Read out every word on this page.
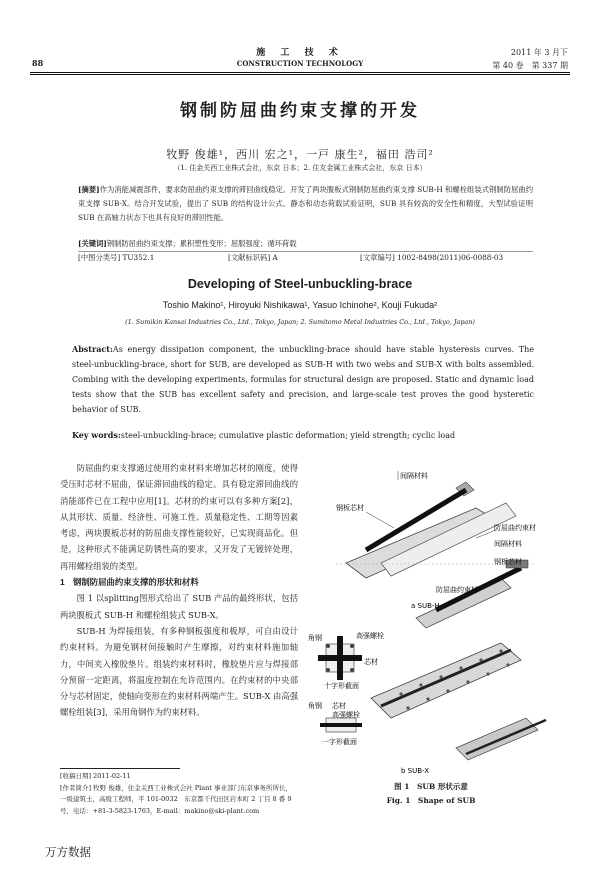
88
施 工 技 术
CONSTRUCTION TECHNOLOGY
2011 年 3 月下
第 40 卷　第 337 期
钢制防屈曲约束支撑的开发
牧野 俊雄¹，西川 宏之¹，一戸 康生²，福田 浩司²
（1. 住金关西工业株式会社，东京 日本；2. 住友金属工业株式会社，东京 日本）
[摘要]作为消能减震部件，要求防屈曲约束支撑的滞回曲线稳定。开发了两块腹板式钢制防屈曲约束支撑 SUB-H 和螺栓组装式钢制防屈曲约束支撑 SUB-X。结合开发试验，提出了 SUB 的结构设计公式。静态和动态荷载试验证明，SUB 具有较高的安全性和精度，大型试验证明 SUB 在高轴力状态下也具有良好的滞回性能。
[关键词]钢制防屈曲约束支撑；累积塑性变形；屈服强度；循环荷载
[中图分类号] TU352.1	[文献标识码] A	[文章编号] 1002-8498(2011)06-0088-03
Developing of Steel-unbuckling-brace
Toshio Makino¹, Hiroyuki Nishikawa¹, Yasuo Ichinohe², Kouji Fukuda²
(1. Sumikin Kansai Industries Co., Ltd., Tokyo, Japan; 2. Sumitomo Metal Industries Co., Ltd., Tokyo, Japan)
Abstract:As energy dissipation component, the unbuckling-brace should have stable hysteresis curves. The steel-unbuckling-brace, short for SUB, are developed as SUB-H with two webs and SUB-X with bolts assembled. Combing with the developing experiments, formulas for structural design are proposed. Static and dynamic load tests show that the SUB has excellent safety and precision, and large-scale test proves the good hysteretic behavior of SUB.
Key words:steel-unbuckling-brace; cumulative plastic deformation; yield strength; cyclic load

防屈曲约束支撑通过使用约束材料来增加芯材的刚度，使得受压时芯材不屈曲，保证滞回曲线的稳定。具有稳定滞回曲线的消能部件已在工程中应用[1]。芯材的约束可以有多种方案[2]，从其形状、质量、经济性、可施工性、质量稳定性、工期等因素考虑，两块腹板芯材的防屈曲支撑性能较好，已实现商品化。但是，这种形式不能满足防锈性高的要求，又开发了无镀锌处理，再用螺栓组装的类型。

1　钢制防屈曲约束支撑的形状和材料

图 1 以splitting图形式给出了 SUB 产品的最终形状，包括两块腹板式 SUB-H 和螺栓组装式 SUB-X。

SUB-H 为焊接组装，有多种钢板强度和板厚，可自由设计约束材料。为避免钢材间接触时产生摩擦，对约束材料施加轴力，中间夹入橡胶垫片。组装约束材料时，橡胶垫片应与焊接部分预留一定距离，将温度控制在允许范围内。在约束材的中央部分与芯材固定，使轴向变形在约束材料两端产生。SUB-X 由高强螺栓组装[3]，采用角钢作为约束材料。

[收稿日期] 2011-02-11
[作者简介] 牧野 俊雄，住金关西工业株式会社 Plant 事业部门东京事务所所长，一级建筑士，高级工程师，平 101-0032　东京都千代田区岩本町 2 丁目 8 番 9 号，电话：+81-3-5823-1763，E-mail：makino@ski-plant.com
间隔材料
钢板芯材
防屈曲约束材
间隔材料
钢板芯材
防屈曲约束材
a SUB-H
高强螺栓
角钢
芯材
十字形截面
角钢 芯材
高强螺栓
一字形截面
b SUB-X
图 1　SUB 形状示意
Fig. 1　Shape of SUB
万方数据
